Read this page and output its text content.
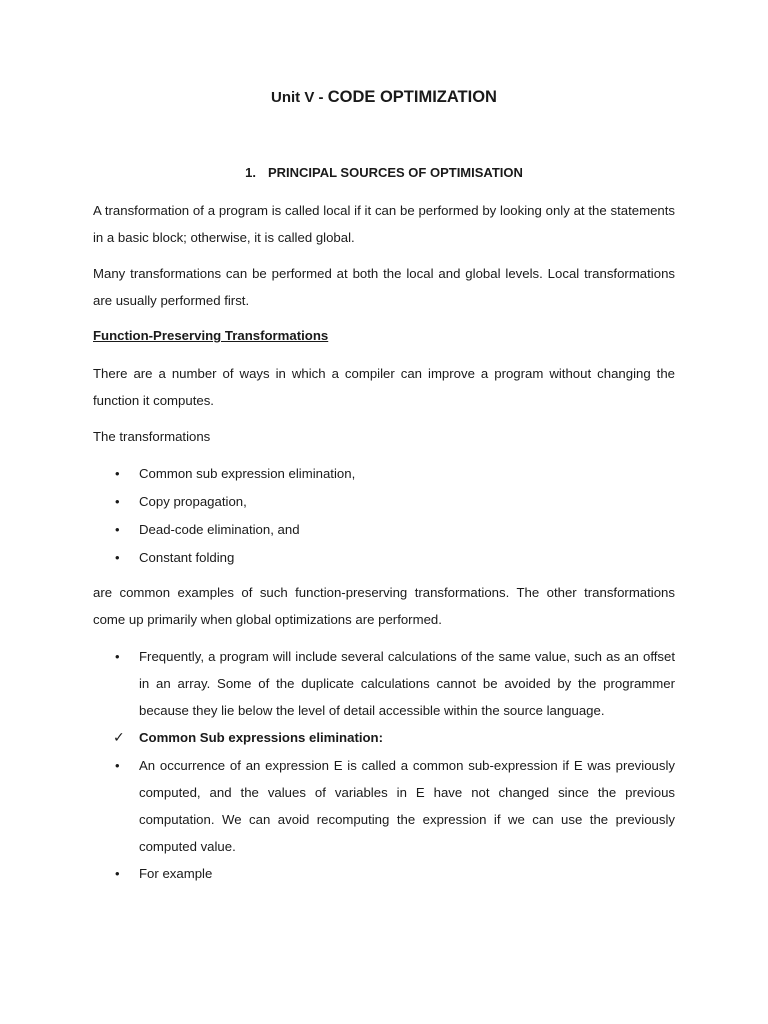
Unit V - CODE OPTIMIZATION
1. PRINCIPAL SOURCES OF OPTIMISATION

A transformation of a program is called local if it can be performed by looking only at the statements in a basic block; otherwise, it is called global.

Many transformations can be performed at both the local and global levels. Local transformations are usually performed first.

Function-Preserving Transformations

There are a number of ways in which a compiler can improve a program without changing the function it computes.

The transformations

• Common sub expression elimination,
• Copy propagation,
• Dead-code elimination, and
• Constant folding

are common examples of such function-preserving transformations. The other transformations come up primarily when global optimizations are performed.

• Frequently, a program will include several calculations of the same value, such as an offset in an array. Some of the duplicate calculations cannot be avoided by the programmer because they lie below the level of detail accessible within the source language.
✓ Common Sub expressions elimination:
• An occurrence of an expression E is called a common sub-expression if E was previously computed, and the values of variables in E have not changed since the previous computation. We can avoid recomputing the expression if we can use the previously computed value.
• For example
